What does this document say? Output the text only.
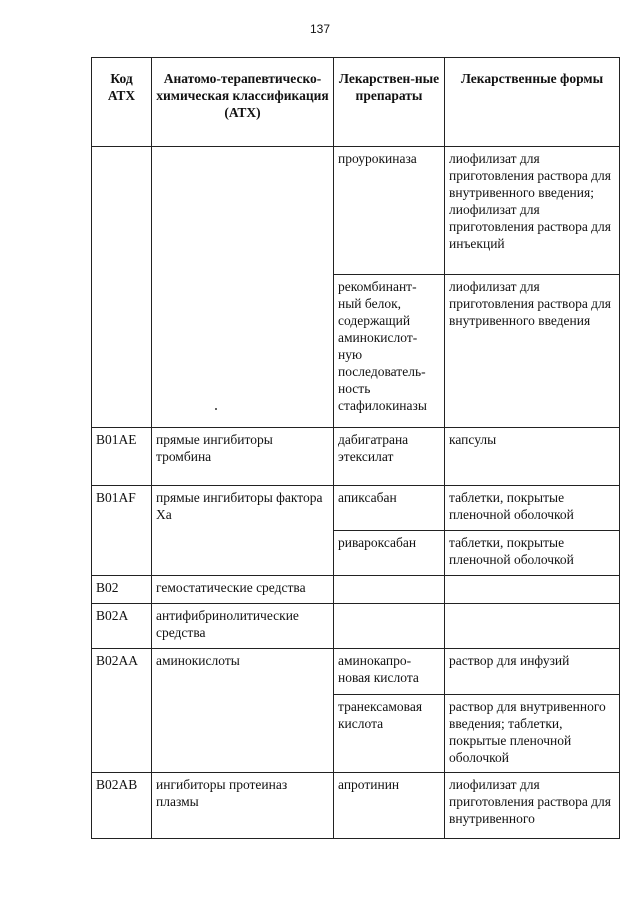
137
Код АТХ	Анатомо-терапевтическо-химическая классификация (АТХ)	Лекарствен-ные препараты	Лекарственные формы
		проурокиназа	лиофилизат для приготовления раствора для внутривенного введения; лиофилизат для приготовления раствора для инъекций
		рекомбинант-ный белок, содержащий аминокислот-ную последователь-ность стафилокиназы	лиофилизат для приготовления раствора для внутривенного введения
B01AE	прямые ингибиторы тромбина	дабигатрана этексилат	капсулы
B01AF	прямые ингибиторы фактора Ха	апиксабан	таблетки, покрытые пленочной оболочкой
		ривароксабан	таблетки, покрытые пленочной оболочкой
B02	гемостатические средства		
B02A	антифибринолитические средства		
B02AA	аминокислоты	аминокапро-новая кислота	раствор для инфузий
		транексамовая кислота	раствор для внутривенного введения; таблетки, покрытые пленочной оболочкой
B02AB	ингибиторы протеиназ плазмы	апротинин	лиофилизат для приготовления раствора для внутривенного
